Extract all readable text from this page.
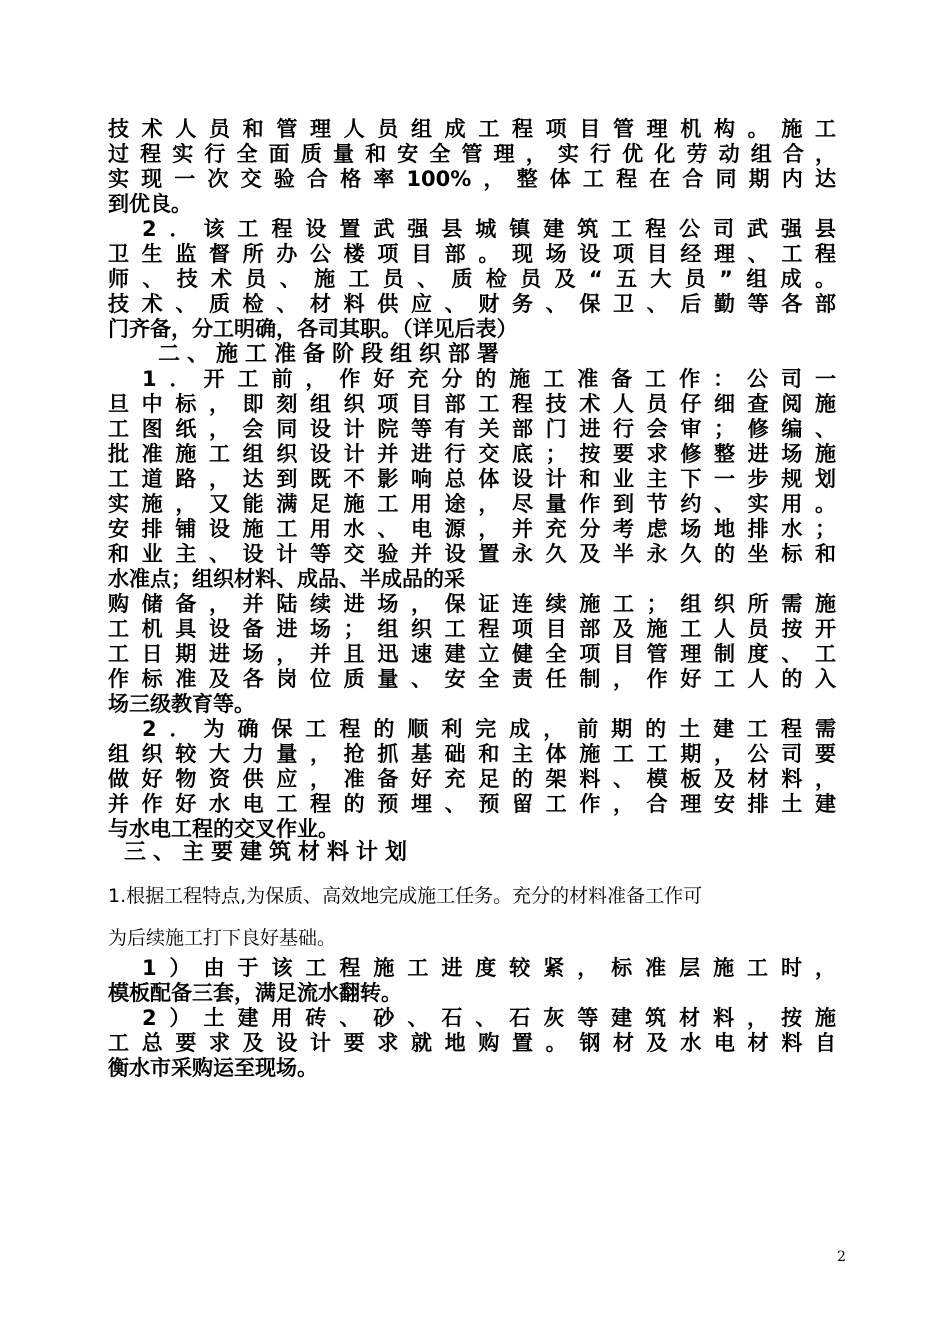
技术人员和管理人员组成工程项目管理机构。施工
过程实行全面质量和安全管理，实行优化劳动组合，
实现一次交验合格率100%，整体工程在合同期内达
到优良。
　2．该工程设置武强县城镇建筑工程公司武强县
卫生监督所办公楼项目部。现场设项目经理、工程
师、技术员、施工员、质检员及“五大员”组成。
技术、质检、材料供应、财务、保卫、后勤等各部
门齐备，分工明确，各司其职。（详见后表）
二、施工准备阶段组织部署
　1．开工前，作好充分的施工准备工作：公司一
旦中标，即刻组织项目部工程技术人员仔细查阅施
工图纸，会同设计院等有关部门进行会审；修编、
批准施工组织设计并进行交底；按要求修整进场施
工道路，达到既不影响总体设计和业主下一步规划
实施，又能满足施工用途，尽量作到节约、实用。
安排铺设施工用水、电源，并充分考虑场地排水；
和业主、设计等交验并设置永久及半永久的坐标和
水准点；组织材料、成品、半成品的采
购储备，并陆续进场，保证连续施工；组织所需施
工机具设备进场；组织工程项目部及施工人员按开
工日期进场，并且迅速建立健全项目管理制度、工
作标准及各岗位质量、安全责任制，作好工人的入
场三级教育等。
　2．为确保工程的顺利完成，前期的土建工程需
组织较大力量，抢抓基础和主体施工工期，公司要
做好物资供应，准备好充足的架料、模板及材料，
并作好水电工程的预埋、预留工作，合理安排土建
与水电工程的交叉作业。
三、主要建筑材料计划
1.根据工程特点,为保质、高效地完成施工任务。充分的材料准备工作可
为后续施工打下良好基础。
　1）由于该工程施工进度较紧，标准层施工时，
模板配备三套，满足流水翻转。
　2）土建用砖、砂、石、石灰等建筑材料，按施
工总要求及设计要求就地购置。钢材及水电材料自
衡水市采购运至现场。
2
